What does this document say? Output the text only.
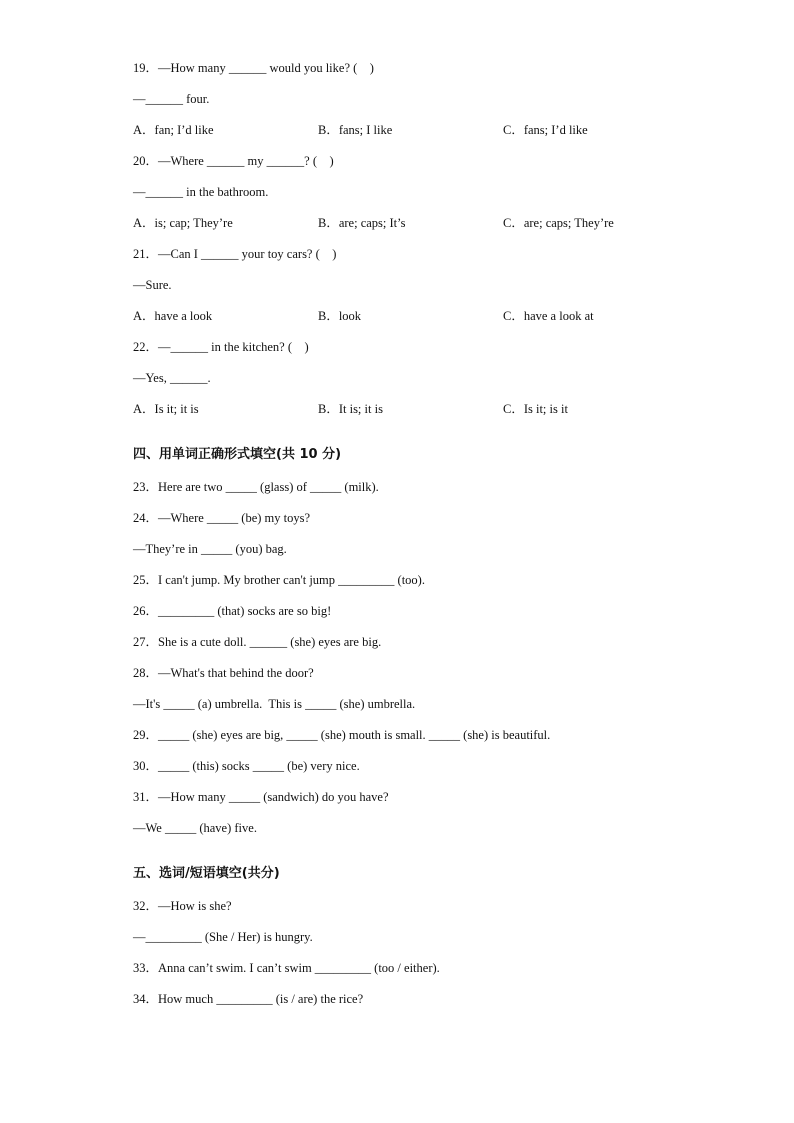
19．—How many ______ would you like? (    )
—______ four.
A．fan; I’d like	B．fans; I like	C．fans; I’d like
20．—Where ______ my ______? (    )
—______ in the bathroom.
A．is; cap; They’re	B．are; caps; It’s	C．are; caps; They’re
21．—Can I ______ your toy cars? (    )
—Sure.
A．have a look	B．look	C．have a look at
22．—______ in the kitchen? (    )
—Yes, ______.
A．Is it; it is	B．It is; it is	C．Is it; is it
四、用单词正确形式填空(共 10 分)
23．Here are two _____ (glass) of _____ (milk).
24．—Where _____ (be) my toys?
—They’re in _____ (you) bag.
25．I can't jump. My brother can't jump _________ (too).
26．_________ (that) socks are so big!
27．She is a cute doll. ______ (she) eyes are big.
28．—What's that behind the door?
—It's _____ (a) umbrella.  This is _____ (she) umbrella.
29．_____ (she) eyes are big, _____ (she) mouth is small. _____ (she) is beautiful.
30．_____ (this) socks _____ (be) very nice.
31．—How many _____ (sandwich) do you have?
—We _____ (have) five.
五、选词/短语填空(共分)
32．—How is she?
—_________ (She / Her) is hungry.
33．Anna can’t swim. I can’t swim _________ (too / either).
34．How much _________ (is / are) the rice?
